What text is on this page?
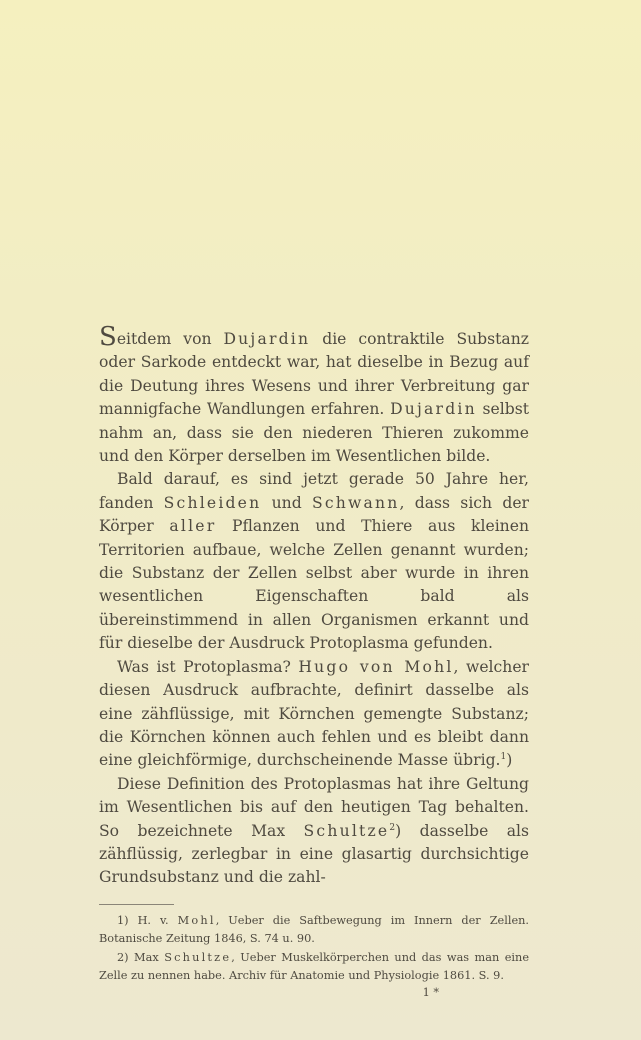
Seitdem von Dujardin die contraktile Substanz oder Sarkode entdeckt war, hat dieselbe in Bezug auf die Deutung ihres Wesens und ihrer Verbreitung gar mannigfache Wandlungen erfahren. Dujardin selbst nahm an, dass sie den niederen Thieren zukomme und den Körper derselben im Wesentlichen bilde.

Bald darauf, es sind jetzt gerade 50 Jahre her, fanden Schleiden und Schwann, dass sich der Körper aller Pflanzen und Thiere aus kleinen Territorien aufbaue, welche Zellen genannt wurden; die Substanz der Zellen selbst aber wurde in ihren wesentlichen Eigenschaften bald als übereinstimmend in allen Organismen erkannt und für dieselbe der Ausdruck Protoplasma gefunden.

Was ist Protoplasma? Hugo von Mohl, welcher diesen Ausdruck aufbrachte, definirt dasselbe als eine zähflüssige, mit Körnchen gemengte Substanz; die Körnchen können auch fehlen und es bleibt dann eine gleichförmige, durchscheinende Masse übrig.$^1$)

Diese Definition des Protoplasmas hat ihre Geltung im Wesentlichen bis auf den heutigen Tag behalten. So bezeichnete Max Schultze$^2$) dasselbe als zähflüssig, zerlegbar in eine glasartig durchsichtige Grundsubstanz und die zahl-

1) H. v. Mohl, Ueber die Saftbewegung im Innern der Zellen. Botanische Zeitung 1846, S. 74 u. 90.

2) Max Schultze, Ueber Muskelkörperchen und das was man eine Zelle zu nennen habe. Archiv für Anatomie und Physiologie 1861. S. 9.

1 *
